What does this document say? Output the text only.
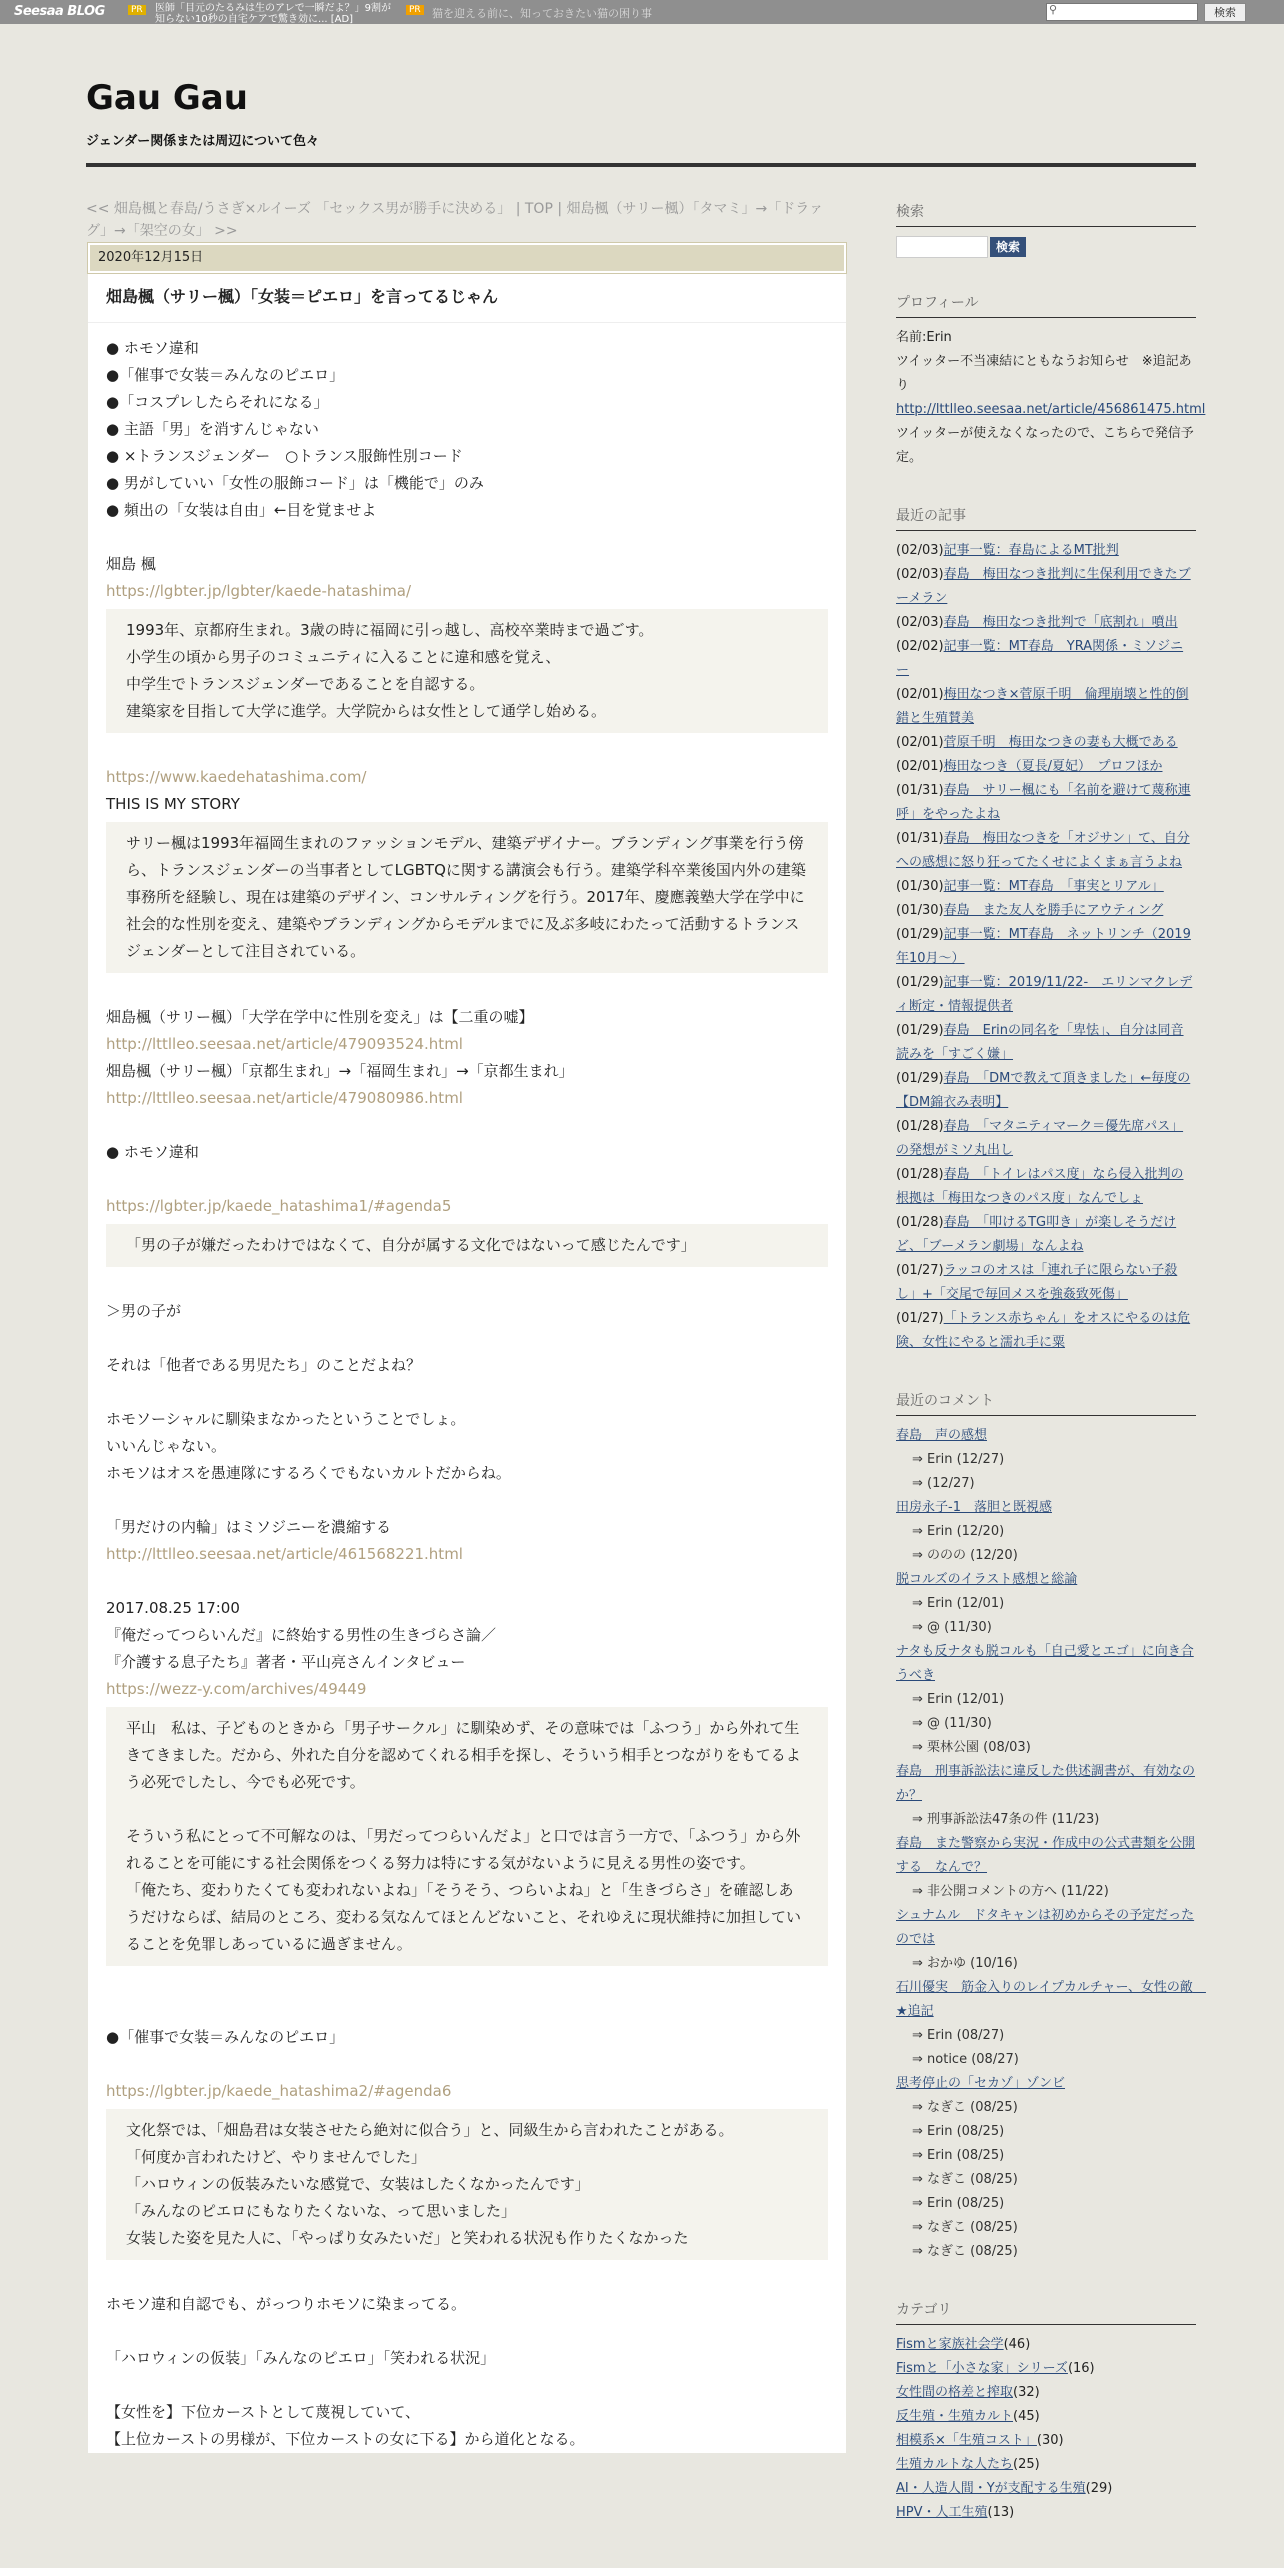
Seesaa BLOG	PR	医師「目元のたるみは生のアレで一瞬だよ？」9割が知らない10秒の自宅ケアで驚き効に... [AD]
PR 猫を迎える前に、知っておきたい猫の困り事	⚲	検索
Gau Gau
ジェンダー関係または周辺について色々
<< 畑島楓と春島/うさぎ×ルイーズ 「セックス男が勝手に決める」 | TOP | 畑島楓（サリー楓）「タマミ」→「ドラァグ」→「架空の女」 >>
2020年12月15日
畑島楓（サリー楓）「女装＝ピエロ」を言ってるじゃん
● ホモソ違和
●「催事で女装＝みんなのピエロ」
●「コスプレしたらそれになる」
● 主語「男」を消すんじゃない
● ×トランスジェンダー　○トランス服飾性別コード
● 男がしていい「女性の服飾コード」は「機能で」のみ
● 頻出の「女装は自由」←目を覚ませよ
畑島 楓
https://lgbter.jp/lgbter/kaede-hatashima/
1993年、京都府生まれ。3歳の時に福岡に引っ越し、高校卒業時まで過ごす。
小学生の頃から男子のコミュニティに入ることに違和感を覚え、
中学生でトランスジェンダーであることを自認する。
建築家を目指して大学に進学。大学院からは女性として通学し始める。
https://www.kaedehatashima.com/
THIS IS MY STORY
サリー楓は1993年福岡生まれのファッションモデル、建築デザイナー。ブランディング事業を行う傍ら、トランスジェンダーの当事者としてLGBTQに関する講演会も行う。建築学科卒業後国内外の建築事務所を経験し、現在は建築のデザイン、コンサルティングを行う。2017年、慶應義塾大学在学中に社会的な性別を変え、建築やブランディングからモデルまでに及ぶ多岐にわたって活動するトランスジェンダーとして注目されている。
畑島楓（サリー楓）「大学在学中に性別を変え」は【二重の嘘】
http://lttlleo.seesaa.net/article/479093524.html
畑島楓（サリー楓）「京都生まれ」→「福岡生まれ」→「京都生まれ」
http://lttlleo.seesaa.net/article/479080986.html
● ホモソ違和
https://lgbter.jp/kaede_hatashima1/#agenda5
「男の子が嫌だったわけではなくて、自分が属する文化ではないって感じたんです」
＞男の子が
それは「他者である男児たち」のことだよね？
ホモソーシャルに馴染まなかったということでしょ。
いいんじゃない。
ホモソはオスを愚連隊にするろくでもないカルトだからね。
「男だけの内輪」はミソジニーを濃縮する
http://lttlleo.seesaa.net/article/461568221.html
2017.08.25 17:00
『俺だってつらいんだ』に終始する男性の生きづらさ論／
『介護する息子たち』著者・平山亮さんインタビュー
https://wezz-y.com/archives/49449
平山　私は、子どものときから「男子サークル」に馴染めず、その意味では「ふつう」から外れて生きてきました。だから、外れた自分を認めてくれる相手を探し、そういう相手とつながりをもてるよう必死でしたし、今でも必死です。
そういう私にとって不可解なのは、「男だってつらいんだよ」と口では言う一方で、「ふつう」から外れることを可能にする社会関係をつくる努力は特にする気がないように見える男性の姿です。
「俺たち、変わりたくても変われないよね」「そうそう、つらいよね」と「生きづらさ」を確認しあうだけならば、結局のところ、変わる気なんてほとんどないこと、それゆえに現状維持に加担していることを免罪しあっているに過ぎません。
●「催事で女装＝みんなのピエロ」
https://lgbter.jp/kaede_hatashima2/#agenda6
文化祭では、「畑島君は女装させたら絶対に似合う」と、同級生から言われたことがある。
「何度か言われたけど、やりませんでした」
「ハロウィンの仮装みたいな感覚で、女装はしたくなかったんです」
「みんなのピエロにもなりたくないな、って思いました」
女装した姿を見た人に、「やっぱり女みたいだ」と笑われる状況も作りたくなかった
ホモソ違和自認でも、がっつりホモソに染まってる。
「ハロウィンの仮装」「みんなのピエロ」「笑われる状況」
【女性を】下位カーストとして蔑視していて、
【上位カーストの男様が、下位カーストの女に下る】から道化となる。
検索
検索
プロフィール
名前:Erin
ツイッター不当凍結にともなうお知らせ　※追記あり
http://lttlleo.seesaa.net/article/456861475.html
ツイッターが使えなくなったので、こちらで発信予定。
最近の記事
(02/03)記事一覧：春島によるMT批判
(02/03)春島　梅田なつき批判に生保利用できたブーメラン
(02/03)春島　梅田なつき批判で「底割れ」噴出
(02/02)記事一覧：MT春島　YRA関係・ミソジニー
(02/01)梅田なつき×菅原千明　倫理崩壊と性的倒錯と生殖賛美
(02/01)菅原千明　梅田なつきの妻も大概である
(02/01)梅田なつき（夏長/夏妃）　プロフほか
(01/31)春島　サリー楓にも「名前を避けて蔑称連呼」をやったよね
(01/31)春島　梅田なつきを「オジサン」て、自分への感想に怒り狂ってたくせによくまぁ言うよね
(01/30)記事一覧：MT春島　「事実とリアル」
(01/30)春島　また友人を勝手にアウティング
(01/29)記事一覧：MT春島　ネットリンチ（2019年10月～）
(01/29)記事一覧：2019/11/22-　エリンマクレディ断定・情報提供者
(01/29)春島　Erinの同名を「卑怯」、自分は同音読みを「すごく嫌」
(01/29)春島　「DMで教えて頂きました」←毎度の【DM錦衣み表明】
(01/28)春島　「マタニティマーク＝優先席パス」の発想がミソ丸出し
(01/28)春島　「トイレはパス度」なら侵入批判の根拠は「梅田なつきのパス度」なんでしょ
(01/28)春島　「叩けるTG叩き」が楽しそうだけど、「ブーメラン劇場」なんよね
(01/27)ラッコのオスは「連れ子に限らない子殺し」+「交尾で毎回メスを強姦致死傷」
(01/27)「トランス赤ちゃん」をオスにやるのは危険、女性にやると濡れ手に粟
最近のコメント
春島　声の感想
⇒ Erin (12/27)
⇒ (12/27)
田房永子-1　落胆と既視感
⇒ Erin (12/20)
⇒ ののの (12/20)
脱コルズのイラスト感想と総論
⇒ Erin (12/01)
⇒ @ (11/30)
ナタも反ナタも脱コルも「自己愛とエゴ」に向き合うべき
⇒ Erin (12/01)
⇒ @ (11/30)
⇒ 栗林公園 (08/03)
春島　刑事訴訟法に違反した供述調書が、有効なのか？
⇒ 刑事訴訟法47条の件 (11/23)
春島　また警察から実況・作成中の公式書類を公開する　なんで？
⇒ 非公開コメントの方へ (11/22)
シュナムル　ドタキャンは初めからその予定だったのでは
⇒ おかゆ (10/16)
石川優実　筋金入りのレイプカルチャー、女性の敵　★追記
⇒ Erin (08/27)
⇒ notice (08/27)
思考停止の「セカゾ」ゾンビ
⇒ なぎこ (08/25)
⇒ Erin (08/25)
⇒ Erin (08/25)
⇒ なぎこ (08/25)
⇒ Erin (08/25)
⇒ なぎこ (08/25)
⇒ なぎこ (08/25)
カテゴリ
Fismと家族社会学(46)
Fismと「小さな家」シリーズ(16)
女性間の格差と搾取(32)
反生殖・生殖カルト(45)
相模系×「生殖コスト」(30)
生殖カルトな人たち(25)
AI・人造人間・Yが支配する生殖(29)
HPV・人工生殖(13)
